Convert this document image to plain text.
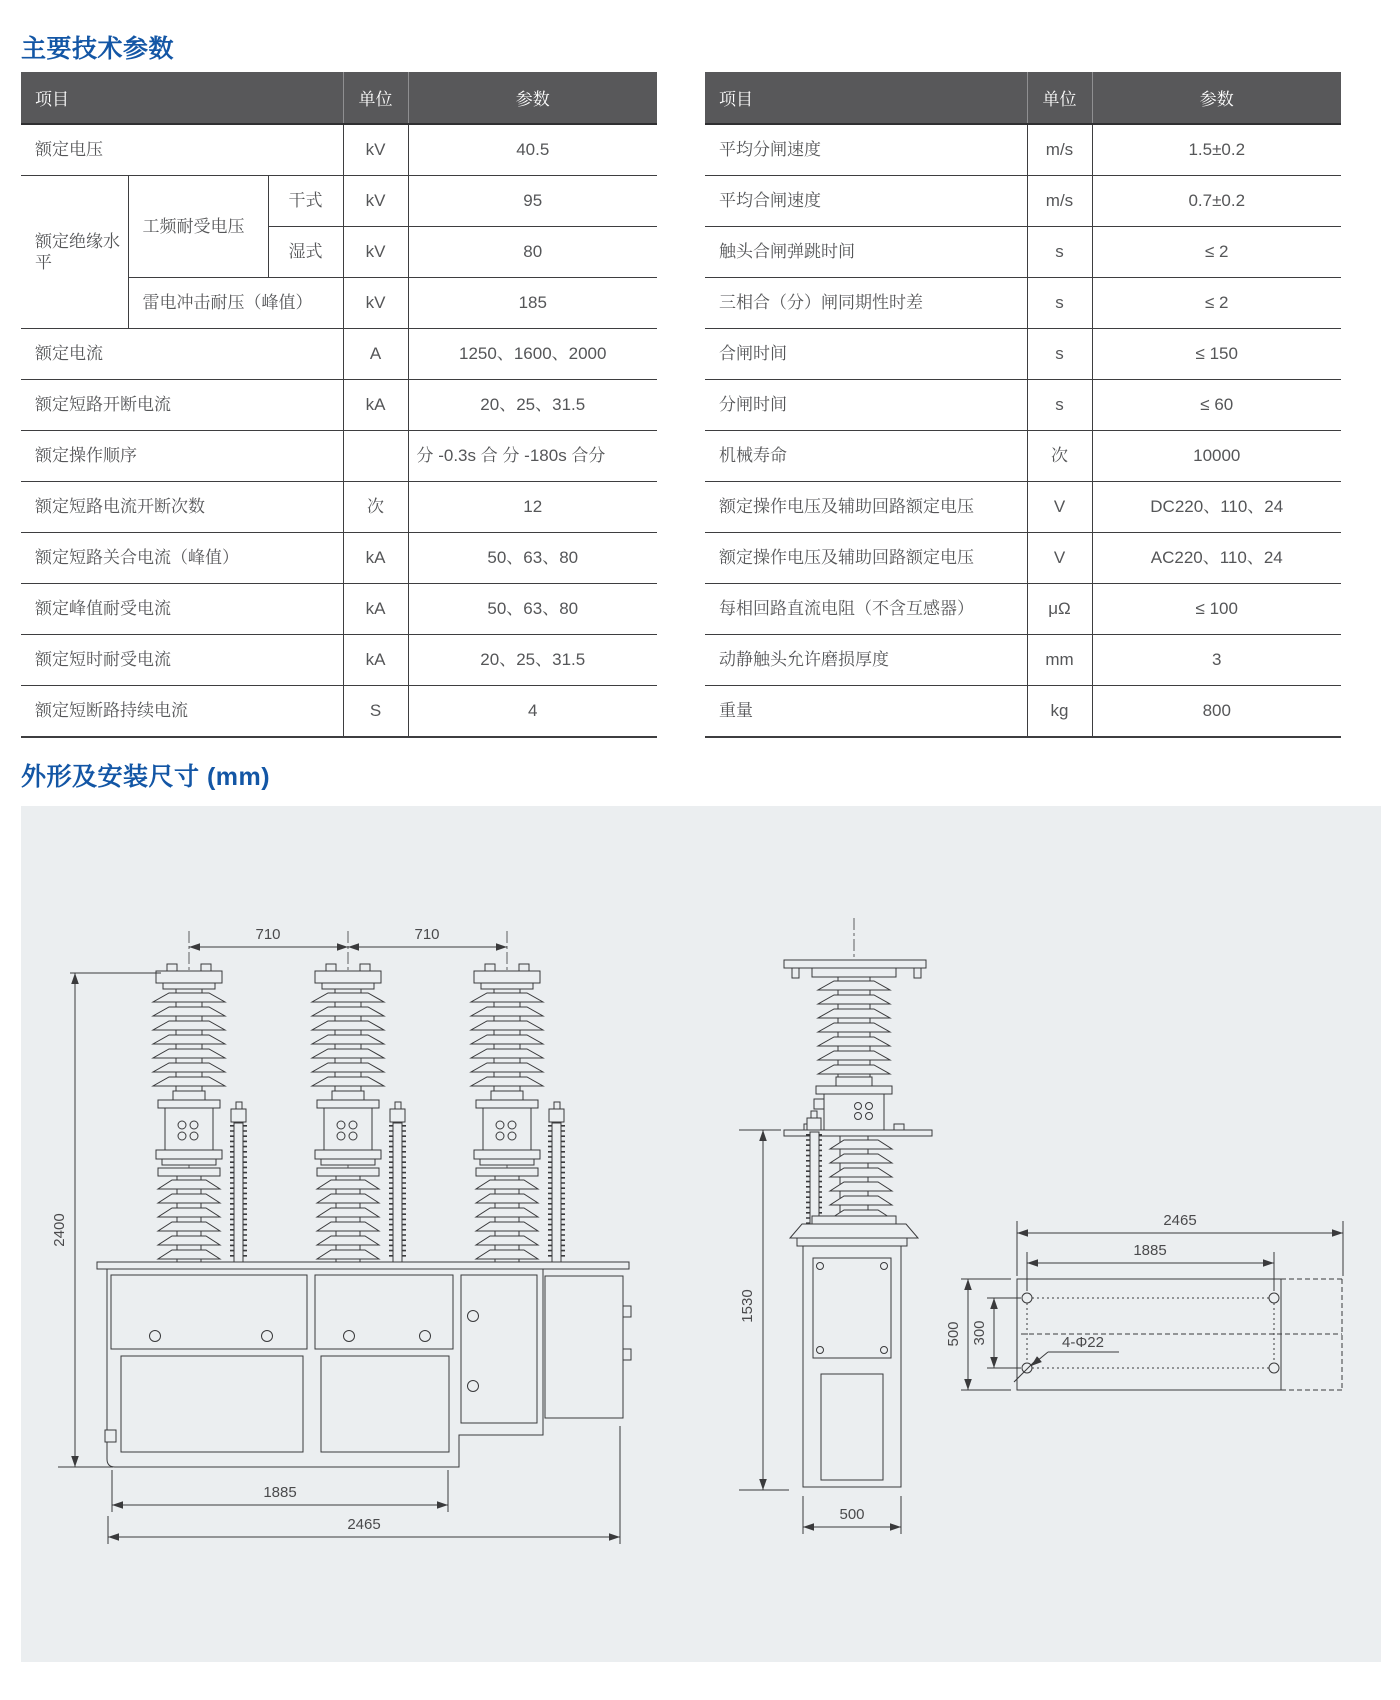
主要技术参数
项目			单位	参数
额定电压			kV	40.5
额定绝缘水平	工频耐受电压	干式	kV	95
		湿式	kV	80
	雷电冲击耐压（峰值）		kV	185
额定电流			A	1250、1600、2000
额定短路开断电流			kA	20、25、31.5
额定操作顺序				分 -0.3s 合 分 -180s 合分
额定短路电流开断次数			次	12
额定短路关合电流（峰值）			kA	50、63、80
额定峰值耐受电流			kA	50、63、80
额定短时耐受电流			kA	20、25、31.5
额定短断路持续电流			S	4
项目	单位	参数
平均分闸速度	m/s	1.5±0.2
平均合闸速度	m/s	0.7±0.2
触头合闸弹跳时间	s	≤ 2
三相合（分）闸同期性时差	s	≤ 2
合闸时间	s	≤ 150
分闸时间	s	≤ 60
机械寿命	次	10000
额定操作电压及辅助回路额定电压	V	DC220、110、24
额定操作电压及辅助回路额定电压	V	AC220、110、24
每相回路直流电阻（不含互感器）	μΩ	≤ 100
动静触头允许磨损厚度	mm	3
重量	kg	800
外形及安装尺寸 (mm)
710	710
2400
1885
2465
1530
500
2465
1885
500 300	4-Φ22
